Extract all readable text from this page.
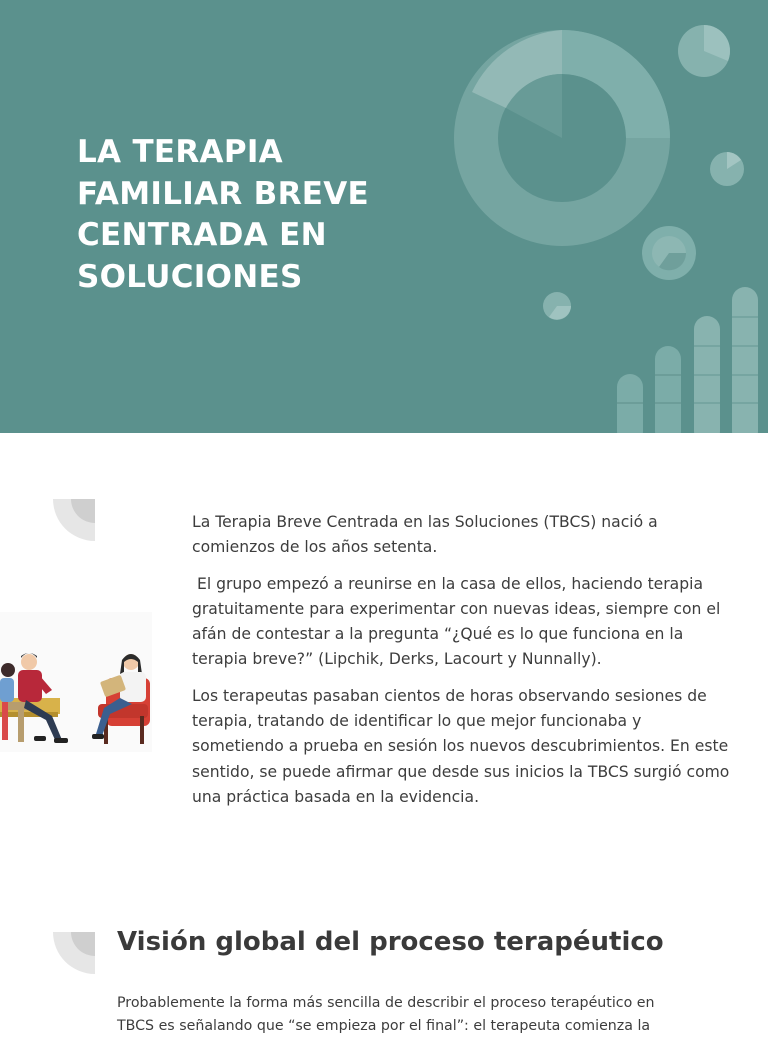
LA TERAPIA FAMILIAR BREVE CENTRADA EN SOLUCIONES

La Terapia Breve Centrada en las Soluciones (TBCS) nació a comienzos de los años setenta.

El grupo empezó a reunirse en la casa de ellos, haciendo terapia gratuitamente para experimentar con nuevas ideas, siempre con el afán de contestar a la pregunta “¿Qué es lo que funciona en la terapia breve?” (Lipchik, Derks, Lacourt y Nunnally).

Los terapeutas pasaban cientos de horas observando sesiones de terapia, tratando de identificar lo que mejor funcionaba y sometiendo a prueba en sesión los nuevos descubrimientos. En este sentido, se puede afirmar que desde sus inicios la TBCS surgió como una práctica basada en la evidencia.

Visión global del proceso terapéutico

Probablemente la forma más sencilla de describir el proceso terapéutico en TBCS es señalando que “se empieza por el final”: el terapeuta comienza la
